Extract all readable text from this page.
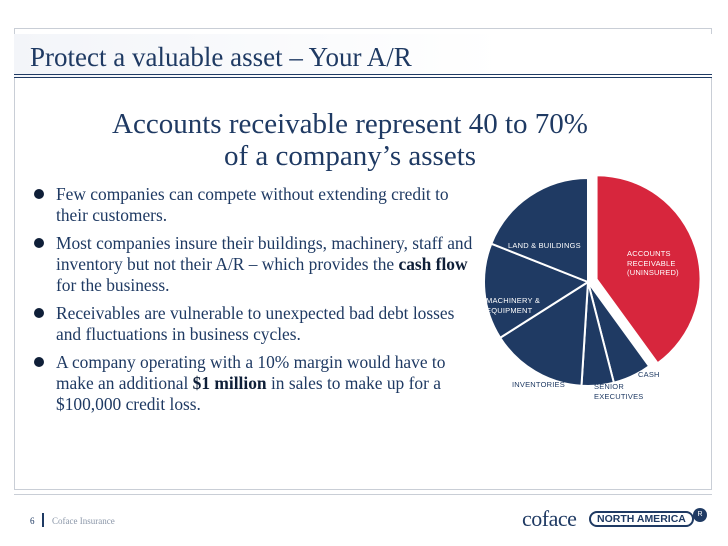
Protect a valuable asset – Your A/R
Accounts receivable represent 40 to 70%
of a company’s assets
Few companies can compete without extending credit to their customers.
Most companies insure their buildings, machinery, staff and inventory but not their A/R – which provides the cash flow for the business.
Receivables are vulnerable to unexpected bad debt losses and fluctuations in business cycles.
A company operating with a 10% margin would have to make an additional $1 million in sales to make up for a $100,000 credit loss.
ACCOUNTS
RECEIVABLE
(UNINSURED)
CASH
SENIOR
EXECUTIVES
INVENTORIES
MACHINERY &
EQUIPMENT
LAND & BUILDINGS
6 Coface Insurance	coface	NORTH AMERICA	R
